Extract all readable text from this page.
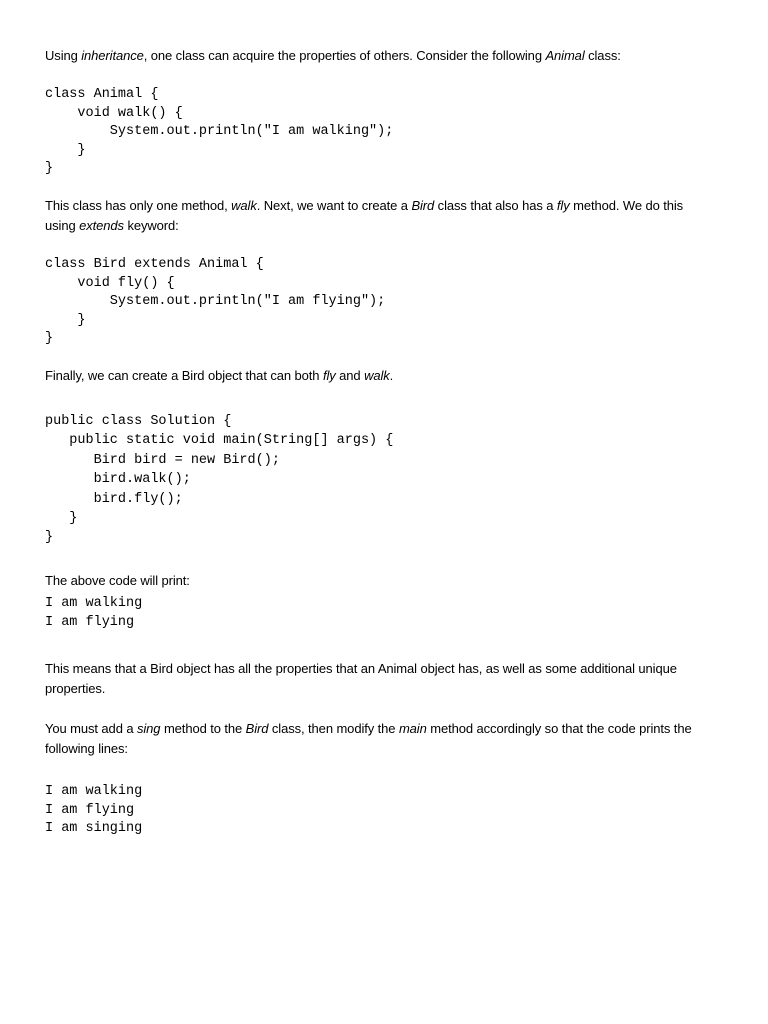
Using inheritance, one class can acquire the properties of others. Consider the following Animal class:

class Animal {
void walk() {
System.out.println("I am walking");
}
}

This class has only one method, walk. Next, we want to create a Bird class that also has a fly method. We do this using extends keyword:

class Bird extends Animal {
void fly() {
System.out.println("I am flying");
}
}

Finally, we can create a Bird object that can both fly and walk.

public class Solution {
public static void main(String[] args) {
Bird bird = new Bird();
bird.walk();
bird.fly();
}
}

The above code will print:

I am walking
I am flying

This means that a Bird object has all the properties that an Animal object has, as well as some additional unique properties.

You must add a sing method to the Bird class, then modify the main method accordingly so that the code prints the following lines:

I am walking
I am flying
I am singing
